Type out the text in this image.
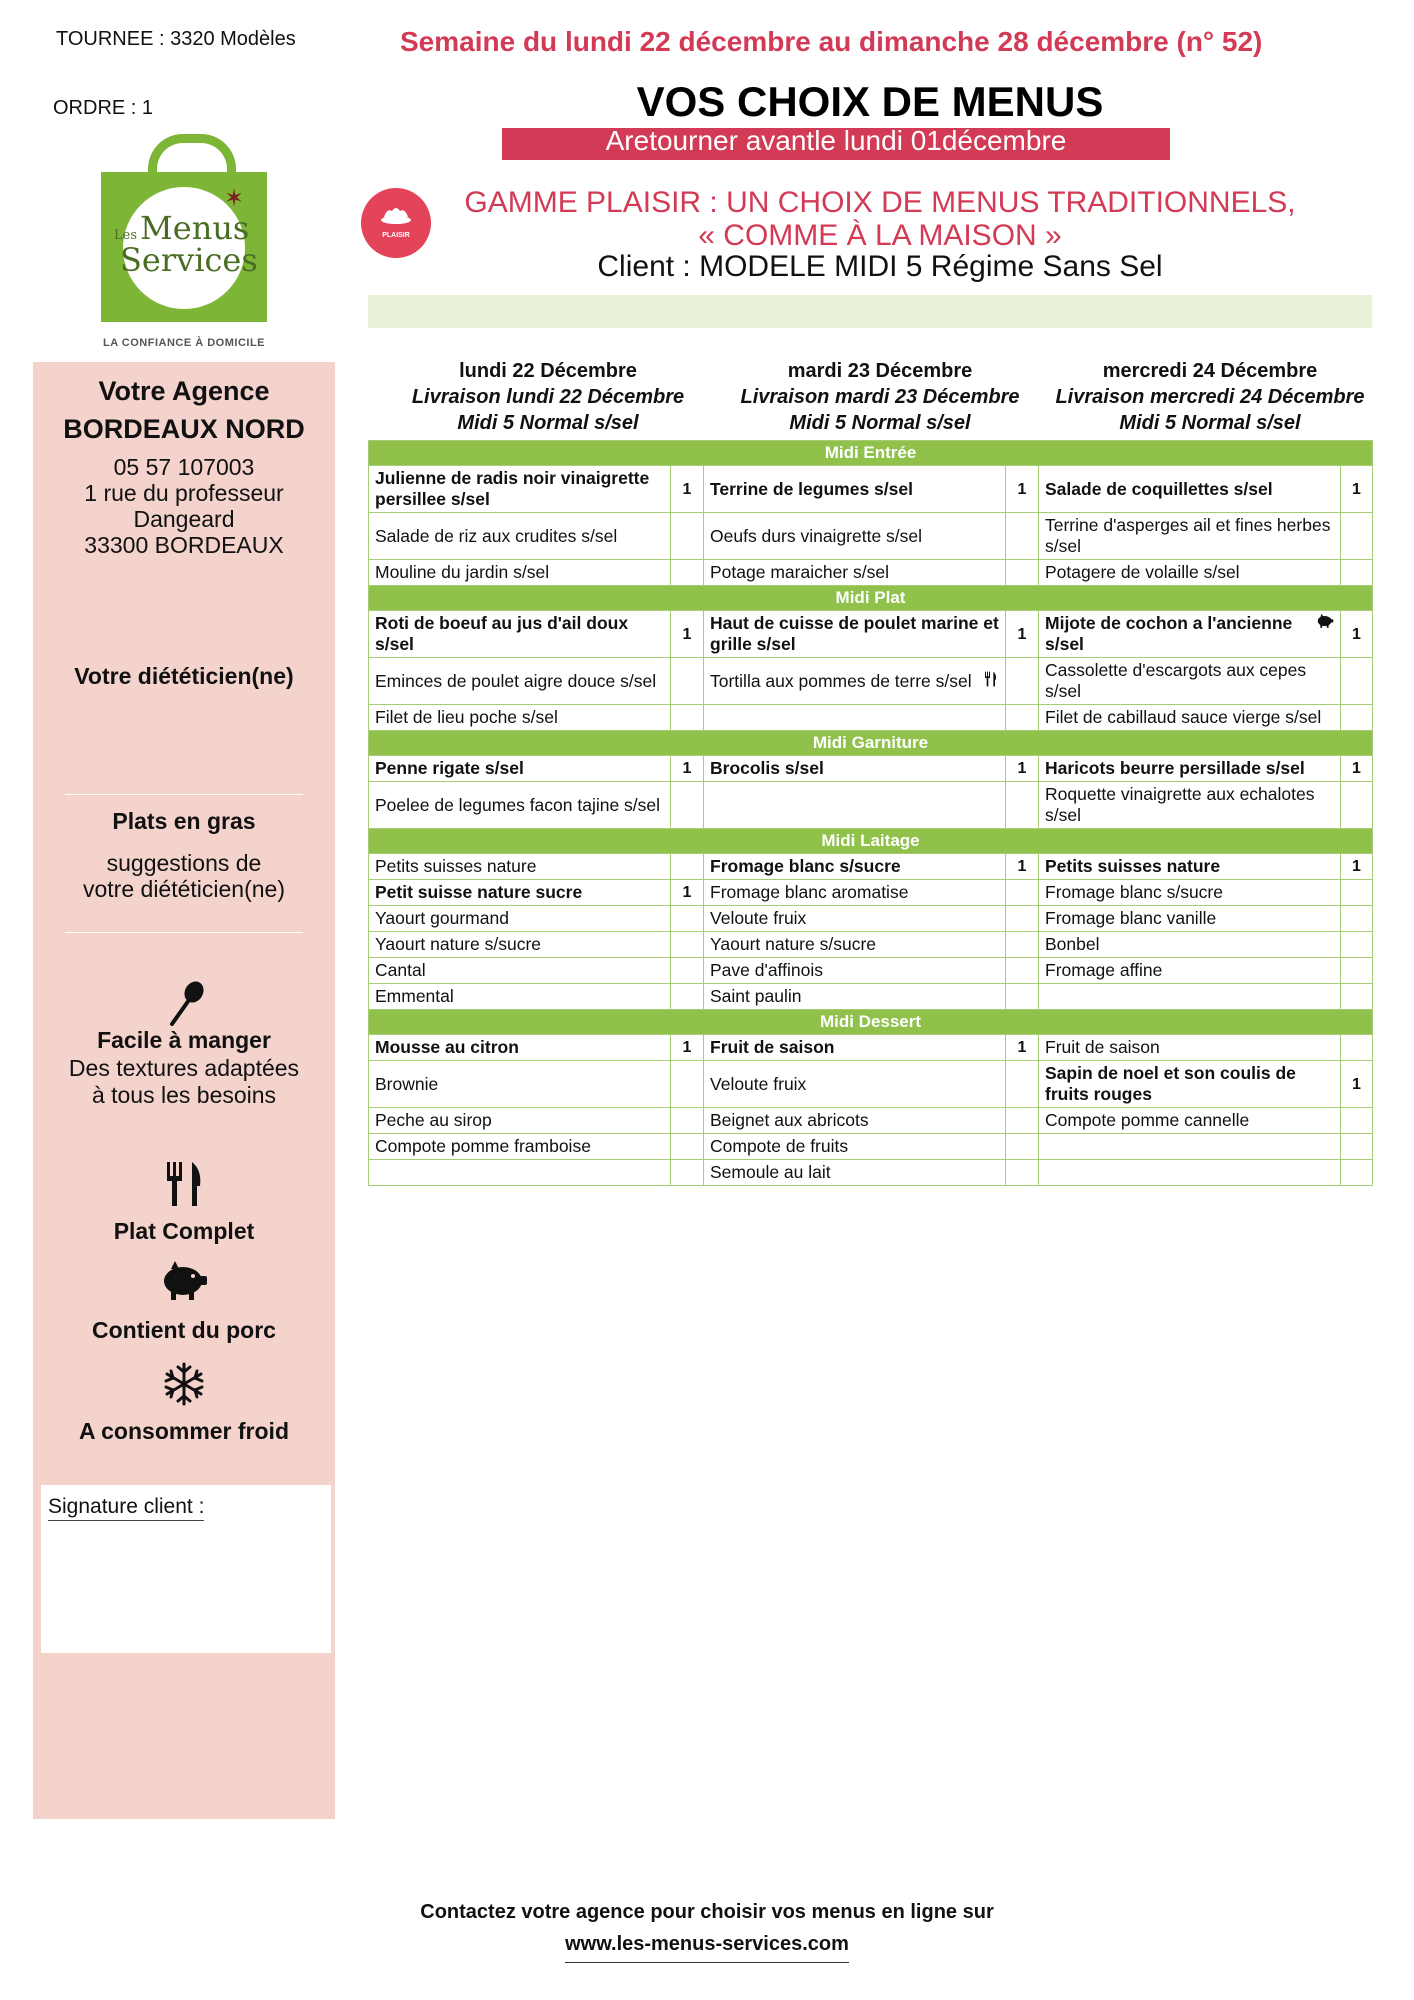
TOURNEE : 3320 Modèles
ORDRE : 1
Semaine du lundi 22 décembre au dimanche 28 décembre (n° 52)
VOS CHOIX DE MENUS
Aretourner avantle lundi 01décembre
PLAISIR
GAMME PLAISIR : UN CHOIX DE MENUS TRADITIONNELS,
« COMME À LA MAISON »
Client : MODELE MIDI 5 Régime Sans Sel
✶
Les Menus
Services
LA CONFIANCE À DOMICILE
Votre Agence
BORDEAUX NORD
05 57 107003
1 rue du professeur
Dangeard
33300 BORDEAUX
Votre diététicien(ne)
Plats en gras
suggestions de
votre diététicien(ne)
Facile à manger
Des textures adaptées
à tous les besoins
Plat Complet
Contient du porc
A consommer froid
Signature client :
lundi 22 Décembre
Livraison lundi 22 Décembre
Midi 5 Normal s/sel
mardi 23 Décembre
Livraison mardi 23 Décembre
Midi 5 Normal s/sel
mercredi 24 Décembre
Livraison mercredi 24 Décembre
Midi 5 Normal s/sel
Midi Entrée					
Julienne de radis noir vinaigrette persillee s/sel	1	Terrine de legumes s/sel	1	Salade de coquillettes s/sel	1
Salade de riz aux crudites s/sel		Oeufs durs vinaigrette s/sel		Terrine d'asperges ail et fines herbes s/sel	
Mouline du jardin s/sel		Potage maraicher s/sel		Potagere de volaille s/sel	
Midi Plat					
Roti de boeuf au jus d'ail doux s/sel	1	Haut de cuisse de poulet marine et grille s/sel	1	Mijote de cochon a l'ancienne s/sel	1
Eminces de poulet aigre douce s/sel		Tortilla aux pommes de terre s/sel		Cassolette d'escargots aux cepes s/sel	
Filet de lieu poche s/sel				Filet de cabillaud sauce vierge s/sel	
Midi Garniture					
Penne rigate s/sel	1	Brocolis s/sel	1	Haricots beurre persillade s/sel	1
Poelee de legumes facon tajine s/sel				Roquette vinaigrette aux echalotes s/sel	
Midi Laitage					
Petits suisses nature		Fromage blanc s/sucre	1	Petits suisses nature	1
Petit suisse nature sucre	1	Fromage blanc aromatise		Fromage blanc s/sucre	
Yaourt gourmand		Veloute fruix		Fromage blanc vanille	
Yaourt nature s/sucre		Yaourt nature s/sucre		Bonbel	
Cantal		Pave d'affinois		Fromage affine	
Emmental		Saint paulin			
Midi Dessert					
Mousse au citron	1	Fruit de saison	1	Fruit de saison	
Brownie		Veloute fruix		Sapin de noel et son coulis de fruits rouges	1
Peche au sirop		Beignet aux abricots		Compote pomme cannelle	
Compote pomme framboise		Compote de fruits			
		Semoule au lait			
Contactez votre agence pour choisir vos menus en ligne sur
www.les-menus-services.com
